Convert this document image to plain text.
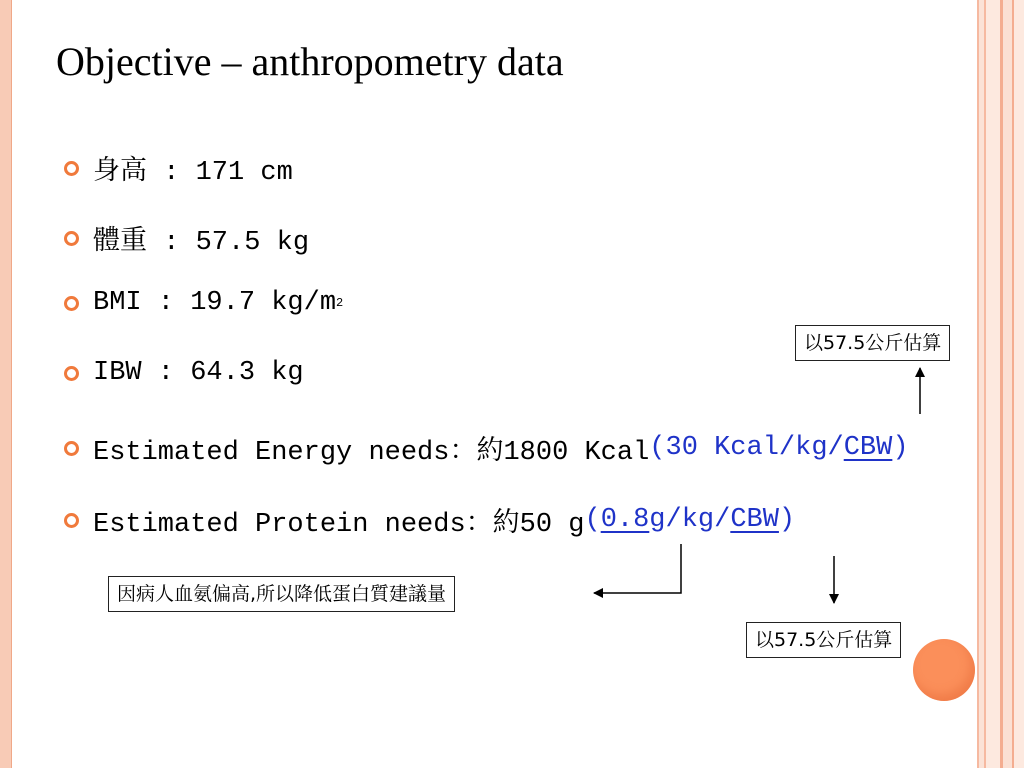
Objective – anthropometry data
身高 : 171 cm
體重 : 57.5 kg
BMI : 19.7 kg/m 2
IBW : 64.3 kg
Estimated Energy needs：約1800 Kcal (30 Kcal/kg/ CBW )
Estimated Protein needs：約50 g ( 0.8 g/kg/ CBW )
以57.5公斤估算
因病人血氨偏高,所以降低蛋白質建議量
以57.5公斤估算
